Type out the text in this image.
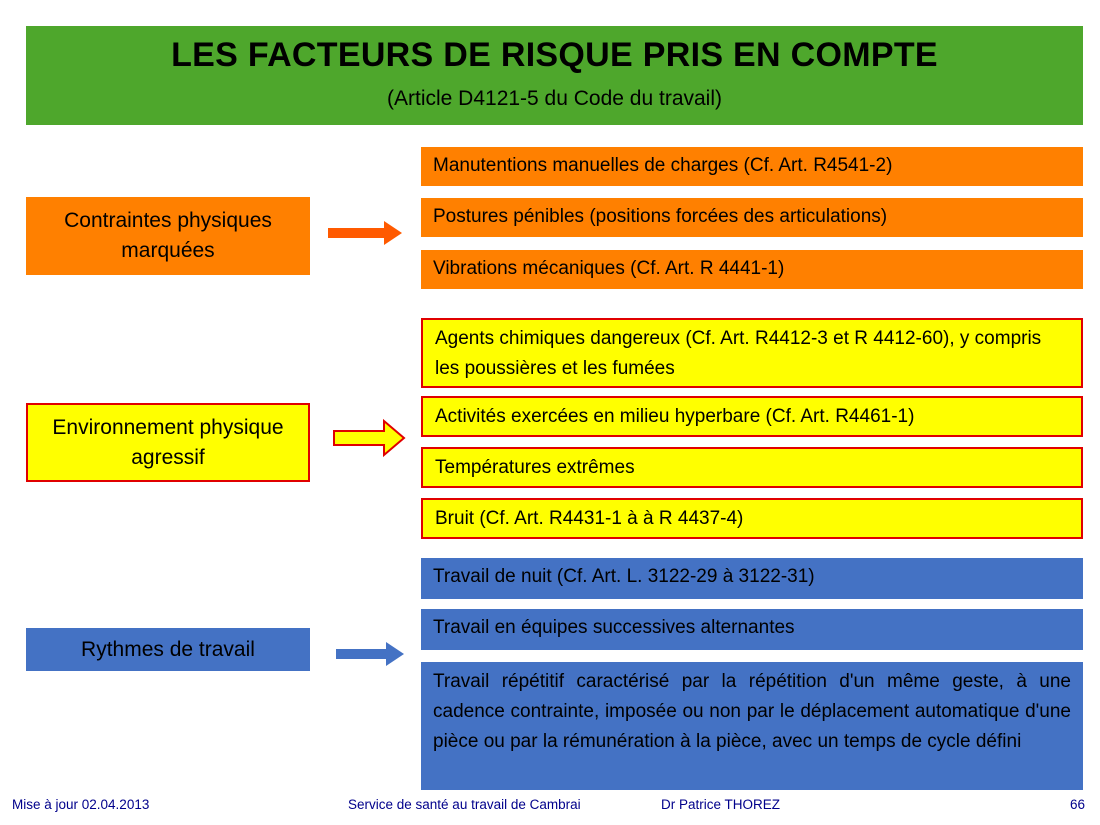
LES FACTEURS DE RISQUE PRIS EN COMPTE
(Article D4121-5 du Code du travail)
Contraintes physiques marquées
Manutentions manuelles de charges (Cf. Art. R4541-2)
Postures pénibles (positions forcées des articulations)
Vibrations mécaniques (Cf. Art. R 4441-1)
Environnement physique agressif
Agents chimiques dangereux (Cf. Art. R4412-3 et R 4412-60), y compris les poussières et les fumées
Activités exercées en milieu hyperbare (Cf. Art. R4461-1)
Températures extrêmes
Bruit (Cf. Art. R4431-1 à à R 4437-4)
Rythmes de travail
Travail de nuit (Cf. Art. L. 3122-29 à 3122-31)
Travail en équipes successives alternantes
Travail répétitif caractérisé par la répétition d'un même geste, à une cadence contrainte, imposée ou non par le déplacement automatique d'une pièce ou par la rémunération à la pièce, avec un temps de cycle défini
Mise à jour 02.04.2013	Service de santé au travail de Cambrai	Dr Patrice THOREZ	66
